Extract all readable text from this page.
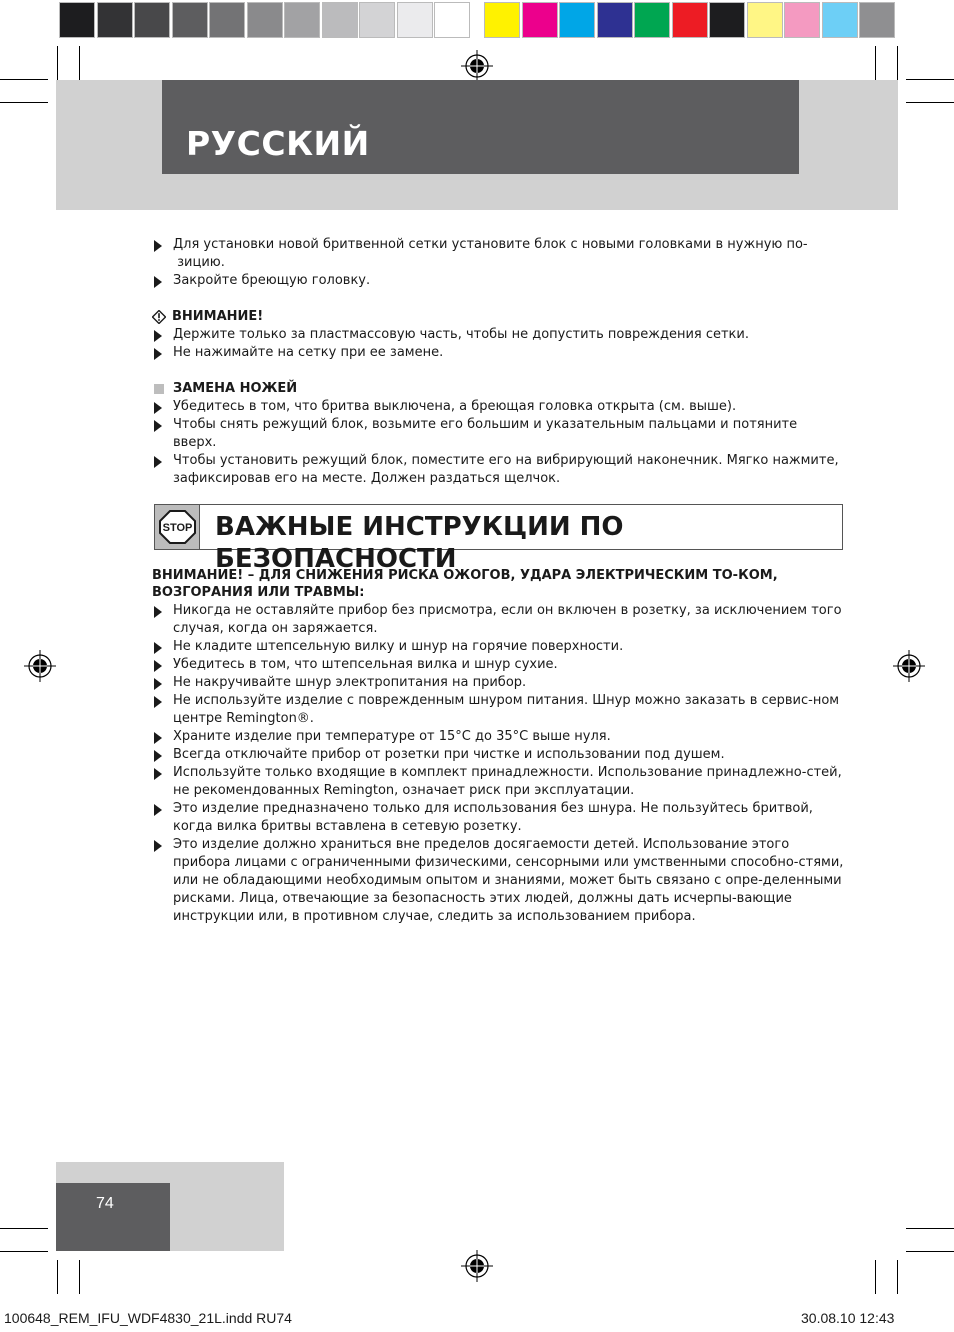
РУССКИЙ
Для установки новой бритвенной сетки установите блок с новыми головками в нужную по- зицию.
Закройте бреющую головку.
ВНИМАНИЕ!
Держите только за пластмассовую часть, чтобы не допустить повреждения сетки.
Не нажимайте на сетку при ее замене.
ЗАМЕНА НОЖЕЙ
Убедитесь в том, что бритва выключена, а бреющая головка открыта (см. выше).
Чтобы снять режущий блок, возьмите его большим и указательным пальцами и потяните вверх.
Чтобы установить режущий блок, поместите его на вибрирующий наконечник. Мягко нажмите, зафиксировав его на месте. Должен раздаться щелчок.
STOP ВАЖНЫЕ ИНСТРУКЦИИ ПО БЕЗОПАСНОСТИ
ВНИМАНИЕ! – ДЛЯ СНИЖЕНИЯ РИСКА ОЖОГОВ, УДАРА ЭЛЕКТРИЧЕСКИМ ТО-КОМ, ВОЗГОРАНИЯ ИЛИ ТРАВМЫ:
Никогда не оставляйте прибор без присмотра, если он включен в розетку, за исключением того случая, когда он заряжается.
Не кладите штепсельную вилку и шнур на горячие поверхности.
Убедитесь в том, что штепсельная вилка и шнур сухие.
Не накручивайте шнур электропитания на прибор.
Не используйте изделие с поврежденным шнуром питания. Шнур можно заказать в сервис-ном центре Remington®.
Храните изделие при температуре от 15°C до 35°C выше нуля.
Всегда отключайте прибор от розетки при чистке и использовании под душем.
Используйте только входящие в комплект принадлежности. Использование принадлежно-стей, не рекомендованных Remington, означает риск при эксплуатации.
Это изделие предназначено только для использования без шнура. Не пользуйтесь бритвой, когда вилка бритвы вставлена в сетевую розетку.
Это изделие должно храниться вне пределов досягаемости детей. Использование этого прибора лицами с ограниченными физическими, сенсорными или умственными способно-стями, или не обладающими необходимым опытом и знаниями, может быть связано с опре-деленными рисками. Лица, отвечающие за безопасность этих людей, должны дать исчерпы-вающие инструкции или, в противном случае, следить за использованием прибора.
74
100648_REM_IFU_WDF4830_21L.indd RU74	30.08.10 12:43
